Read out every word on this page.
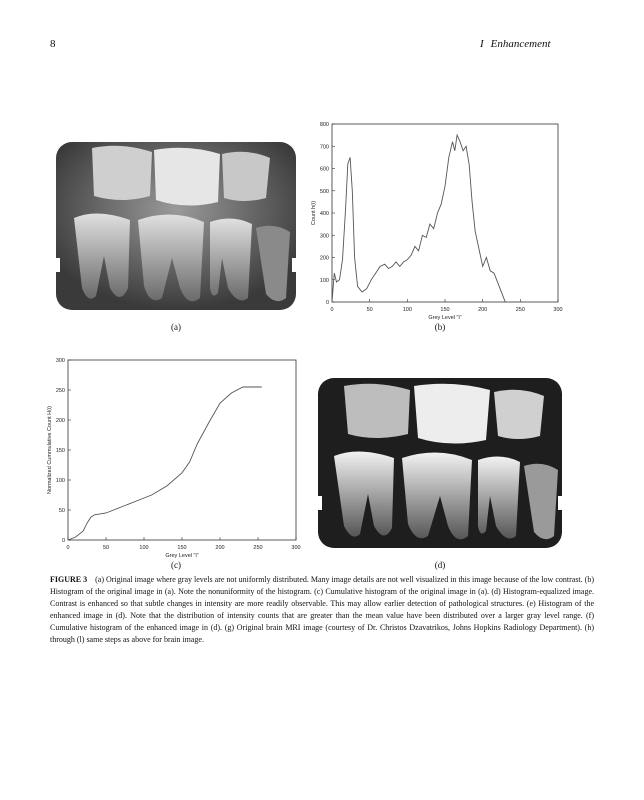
8	I Enhancement
(a)
0	50	100	150	200	250	300
0
100
200
300
400
500
600
700
800
Grey Level "i"
Count h(i)
(b)
0	50	100	150	200	250	300
0
50
100
150
200
250
300
Grey Level "i"
Normalized Cummulative Count H(i)
(c)	(d)
FIGURE 3 (a) Original image where gray levels are not uniformly distributed. Many image details are not well visualized in this image because of the low contrast. (b) Histogram of the original image in (a). Note the nonuniformity of the histogram. (c) Cumulative histogram of the original image in (a). (d) Histogram-equalized image. Contrast is enhanced so that subtle changes in intensity are more readily observable. This may allow earlier detection of pathological structures. (e) Histogram of the enhanced image in (d). Note that the distribution of intensity counts that are greater than the mean value have been distributed over a larger gray level range. (f) Cumulative histogram of the enhanced image in (d). (g) Original brain MRI image (courtesy of Dr. Christos Dzavatrikos, Johns Hopkins Radiology Department). (h) through (l) same steps as above for brain image.
